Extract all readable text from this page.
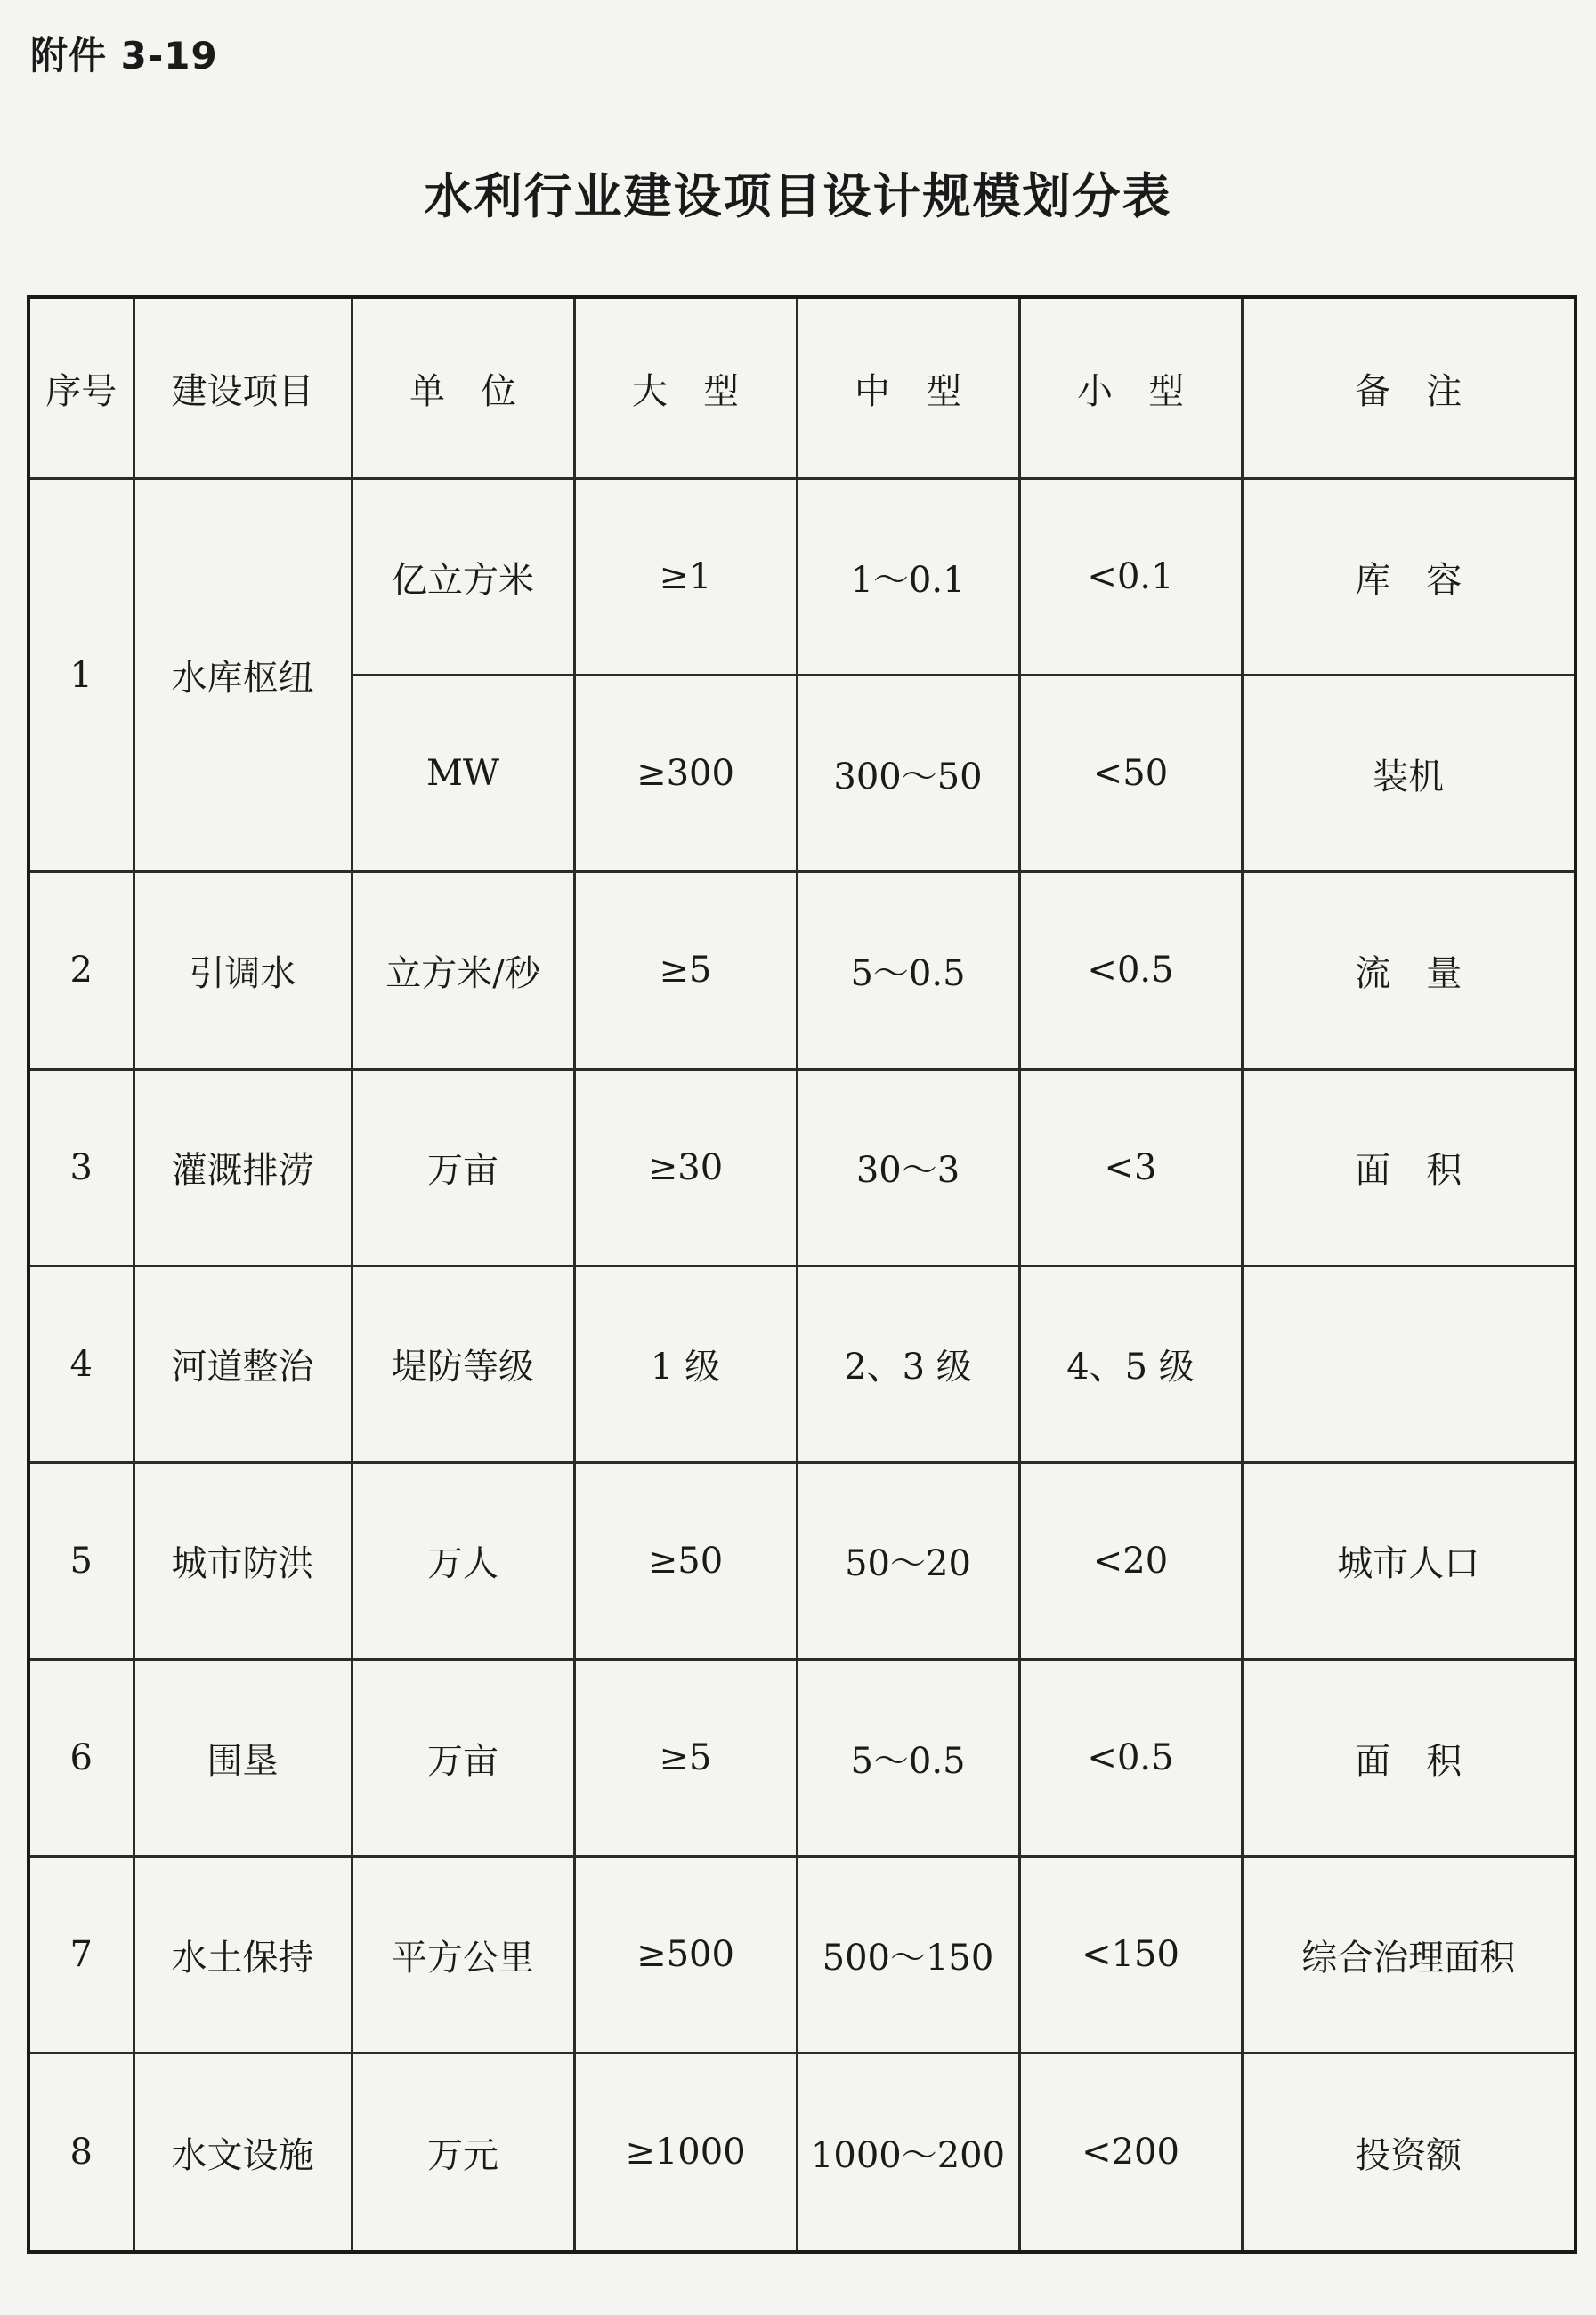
附件 3-19
水利行业建设项目设计规模划分表
序号	建设项目	单　位	大　型	中　型	小　型	备　注
1	水库枢纽	亿立方米	≥1	1～0.1	<0.1	库　容
		MW	≥300	300～50	<50	装机
2	引调水	立方米/秒	≥5	5～0.5	<0.5	流　量
3	灌溉排涝	万亩	≥30	30～3	<3	面　积
4	河道整治	堤防等级	1 级	2、3 级	4、5 级	
5	城市防洪	万人	≥50	50～20	<20	城市人口
6	围垦	万亩	≥5	5～0.5	<0.5	面　积
7	水土保持	平方公里	≥500	500～150	<150	综合治理面积
8	水文设施	万元	≥1000	1000～200	<200	投资额
